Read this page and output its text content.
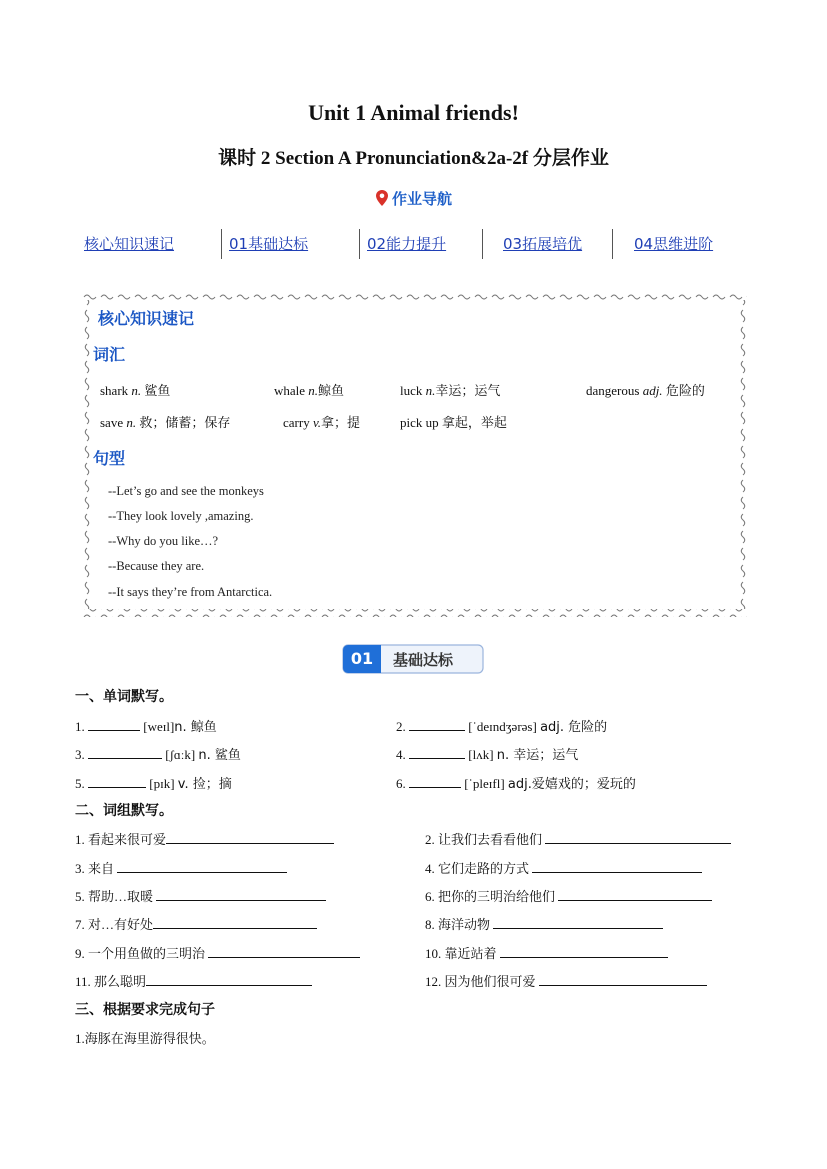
Unit 1 Animal friends!
课时 2 Section A Pronunciation&2a-2f 分层作业
作业导航
核心知识速记	01基础达标	02能力提升	03拓展培优	04思维进阶
核心知识速记
词汇
shark n. 鲨鱼	whale n.鲸鱼	luck n.幸运；运气	dangerous adj. 危险的
save n. 救；储蓄；保存	carry v.拿；提	pick up 拿起，举起
句型
--Let’s go and see the monkeys
--They look lovely ,amazing.
--Why do you like…?
--Because they are.
--It says they’re from Antarctica.
01	基础达标
一、单词默写。
1.	[weɪl]n. 鲸鱼	2.	[ˈdeɪndʒərəs] adj. 危险的
3.	[ʃɑːk] n. 鲨鱼	4.	[lʌk] n. 幸运；运气
5.	[pɪk] v. 捡；摘	6.	[ˈpleɪfl] adj.爱嬉戏的；爱玩的
二、词组默写。
1. 看起来很可爱	2. 让我们去看看他们
3. 来自	4. 它们走路的方式
5. 帮助…取暖	6. 把你的三明治给他们
7. 对…有好处	8. 海洋动物
9. 一个用鱼做的三明治	10. 靠近站着
11. 那么聪明	12. 因为他们很可爱
三、根据要求完成句子
1.海豚在海里游得很快。
